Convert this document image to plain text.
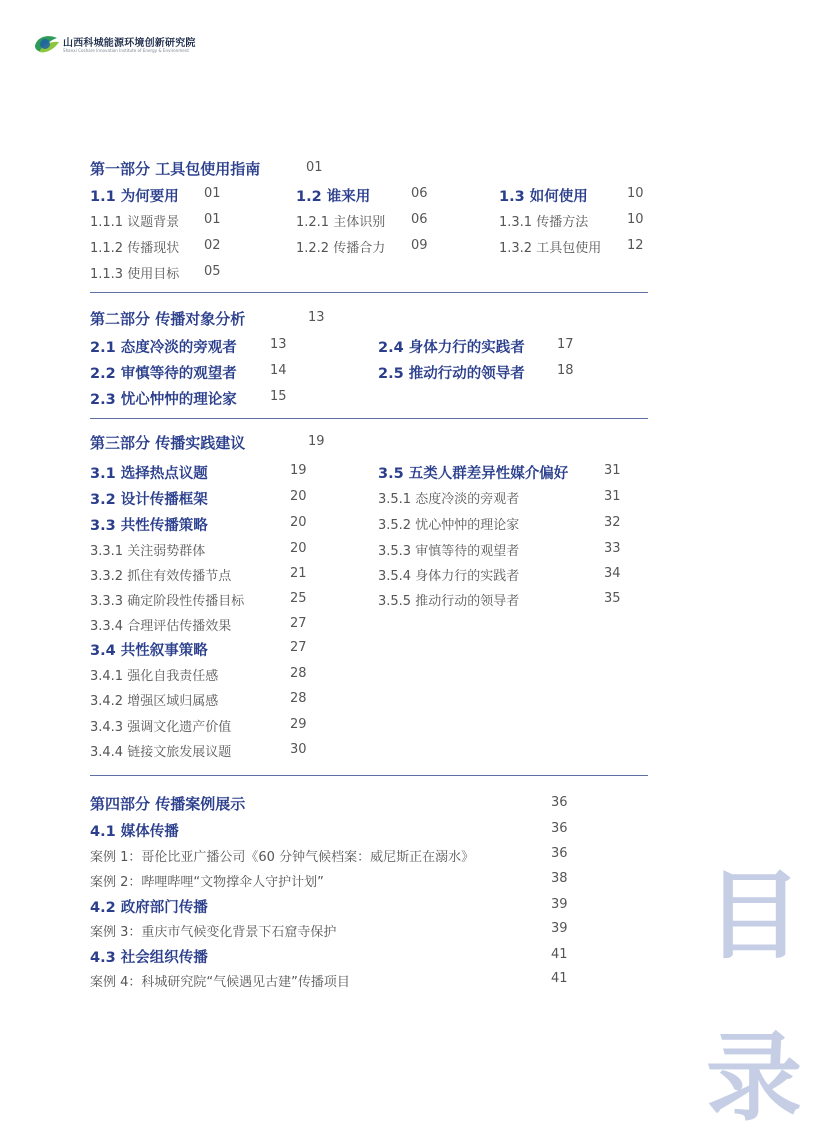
山西科城能源环境创新研究院
Shanxi Coshare Innovation Institute of Energy & Environment
第一部分 工具包使用指南	01
1.1 为何要用 01	1.2 谁来用	06	1.3 如何使用	10
1.1.1 议题背景 01
1.1.2 传播现状 02
1.1.3 使用目标 05
1.2.1 主体识别 06
1.2.2 传播合力 09
1.3.1 传播方法	10
1.3.2 工具包使用 12
第二部分 传播对象分析	13
2.1 态度冷淡的旁观者	13
2.2 审慎等待的观望者	14
2.3 忧心忡忡的理论家	15
2.4 身体力行的实践者 17
2.5 推动行动的领导者 18
第三部分 传播实践建议	19
3.1 选择热点议题	19
3.2 设计传播框架	20
3.3 共性传播策略	20
3.3.1 关注弱势群体	20
3.3.2 抓住有效传播节点	21
3.3.3 确定阶段性传播目标	25
3.3.4 合理评估传播效果	27
3.4 共性叙事策略	27
3.4.1 强化自我责任感	28
3.4.2 增强区域归属感	28
3.4.3 强调文化遗产价值	29
3.4.4 链接文旅发展议题	30
3.5 五类人群差异性媒介偏好	31
3.5.1 态度冷淡的旁观者	31
3.5.2 忧心忡忡的理论家	32
3.5.3 审慎等待的观望者	33
3.5.4 身体力行的实践者	34
3.5.5 推动行动的领导者	35
第四部分 传播案例展示	36
4.1 媒体传播	36
案例 1：哥伦比亚广播公司《60 分钟气候档案：威尼斯正在溺水》	36
案例 2：哔哩哔哩“文物撑伞人守护计划”	38
4.2 政府部门传播	39
案例 3：重庆市气候变化背景下石窟寺保护	39
4.3 社会组织传播	41
案例 4：科城研究院“气候遇见古建”传播项目	41
目
录
